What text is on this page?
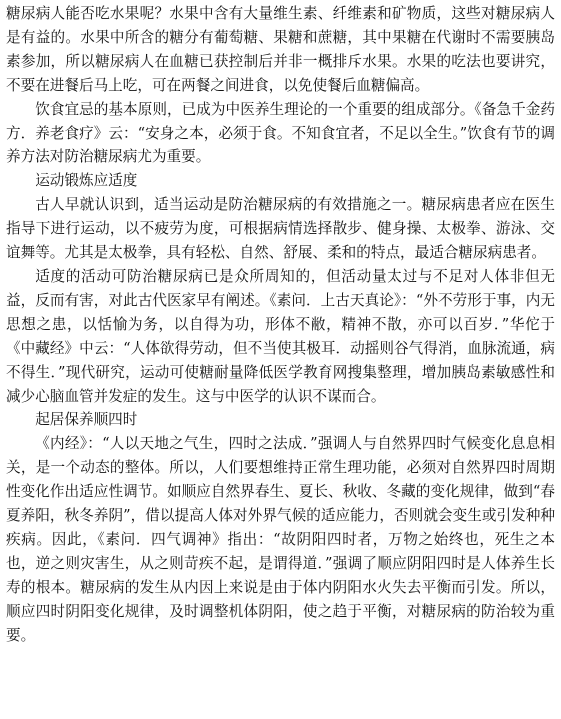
糖尿病人能否吃水果呢？水果中含有大量维生素、纤维素和矿物质，这些对糖尿病人是有益的。水果中所含的糖分有葡萄糖、果糖和蔗糖，其中果糖在代谢时不需要胰岛素参加，所以糖尿病人在血糖已获控制后并非一概排斥水果。水果的吃法也要讲究，不要在进餐后马上吃，可在两餐之间进食，以免使餐后血糖偏高。

饮食宜忌的基本原则，已成为中医养生理论的一个重要的组成部分。《备急千金药方．养老食疗》云：“安身之本，必须于食。不知食宜者，不足以全生。”饮食有节的调养方法对防治糖尿病尤为重要。

运动锻炼应适度

古人早就认识到，适当运动是防治糖尿病的有效措施之一。糖尿病患者应在医生指导下进行运动，以不疲劳为度，可根据病情选择散步、健身操、太极拳、游泳、交谊舞等。尤其是太极拳，具有轻松、自然、舒展、柔和的特点，最适合糖尿病患者。

适度的活动可防治糖尿病已是众所周知的，但活动量太过与不足对人体非但无益，反而有害，对此古代医家早有阐述。《素问．上古天真论》：“外不劳形于事，内无思想之患，以恬愉为务，以自得为功，形体不敝，精神不散，亦可以百岁．”华佗于《中藏经》中云：“人体欲得劳动，但不当使其极耳．动摇则谷气得消，血脉流通，病不得生．”现代研究，运动可使糖耐量降低医学教育网搜集整理，增加胰岛素敏感性和减少心脑血管并发症的发生。这与中医学的认识不谋而合。

起居保养顺四时

《内经》：“人以天地之气生，四时之法成．”强调人与自然界四时气候变化息息相关，是一个动态的整体。所以，人们要想维持正常生理功能，必须对自然界四时周期性变化作出适应性调节。如顺应自然界春生、夏长、秋收、冬藏的变化规律，做到“春夏养阳，秋冬养阴”，借以提高人体对外界气候的适应能力，否则就会变生或引发种种疾病。因此，《素问．四气调神》指出：“故阴阳四时者，万物之始终也，死生之本也，逆之则灾害生，从之则苛疾不起，是谓得道．”强调了顺应阴阳四时是人体养生长寿的根本。糖尿病的发生从内因上来说是由于体内阴阳水火失去平衡而引发。所以，顺应四时阴阳变化规律，及时调整机体阴阳，使之趋于平衡，对糖尿病的防治较为重要。
